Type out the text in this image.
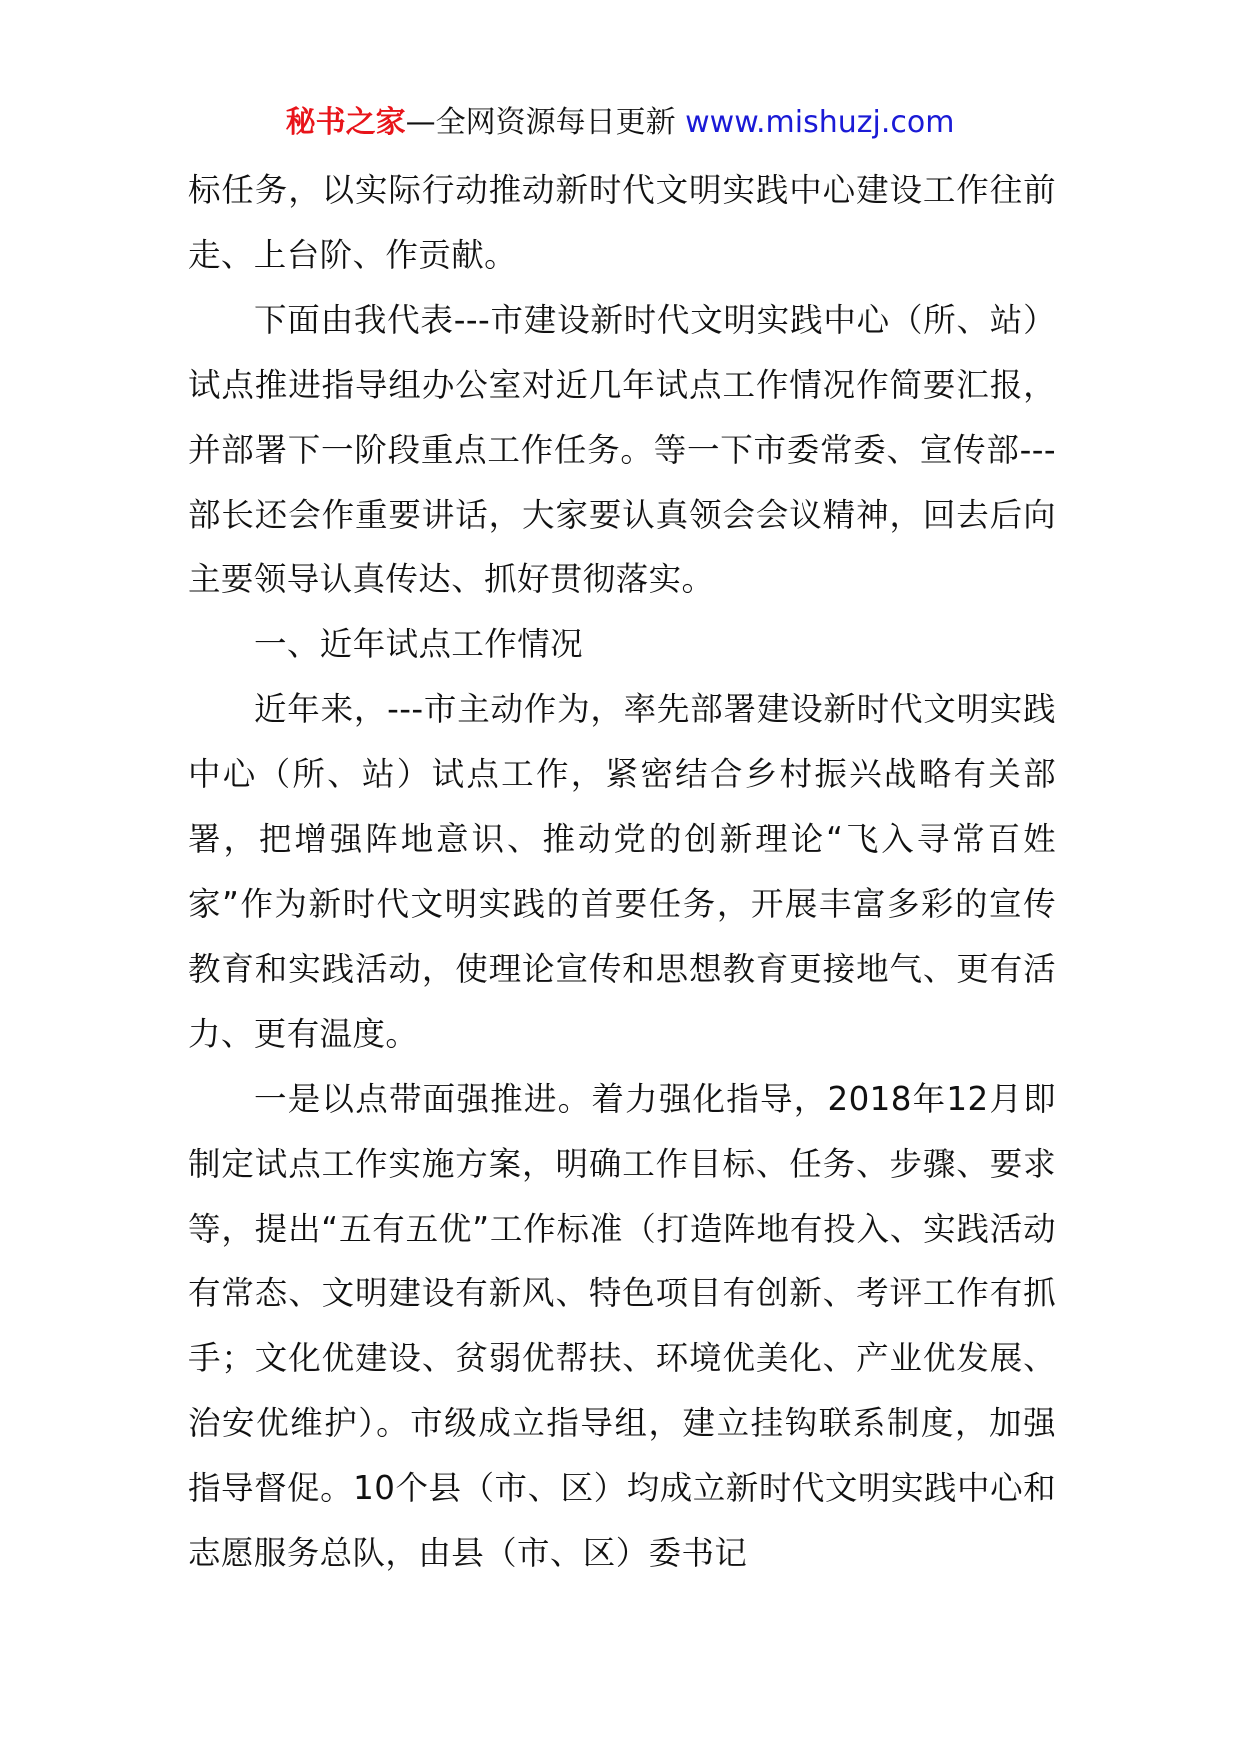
秘书之家—全网资源每日更新 www.mishuzj.com

标任务，以实际行动推动新时代文明实践中心建设工作往前走、上台阶、作贡献。

下面由我代表---市建设新时代文明实践中心（所、站）试点推进指导组办公室对近几年试点工作情况作简要汇报，并部署下一阶段重点工作任务。等一下市委常委、宣传部---部长还会作重要讲话，大家要认真领会会议精神，回去后向主要领导认真传达、抓好贯彻落实。

一、近年试点工作情况

近年来，---市主动作为，率先部署建设新时代文明实践中心（所、站）试点工作，紧密结合乡村振兴战略有关部署，把增强阵地意识、推动党的创新理论“飞入寻常百姓家”作为新时代文明实践的首要任务，开展丰富多彩的宣传教育和实践活动，使理论宣传和思想教育更接地气、更有活力、更有温度。

一是以点带面强推进。着力强化指导，2018年12月即制定试点工作实施方案，明确工作目标、任务、步骤、要求等，提出“五有五优”工作标准（打造阵地有投入、实践活动有常态、文明建设有新风、特色项目有创新、考评工作有抓手；文化优建设、贫弱优帮扶、环境优美化、产业优发展、治安优维护）。市级成立指导组，建立挂钩联系制度，加强指导督促。10个县（市、区）均成立新时代文明实践中心和志愿服务总队，由县（市、区）委书记
